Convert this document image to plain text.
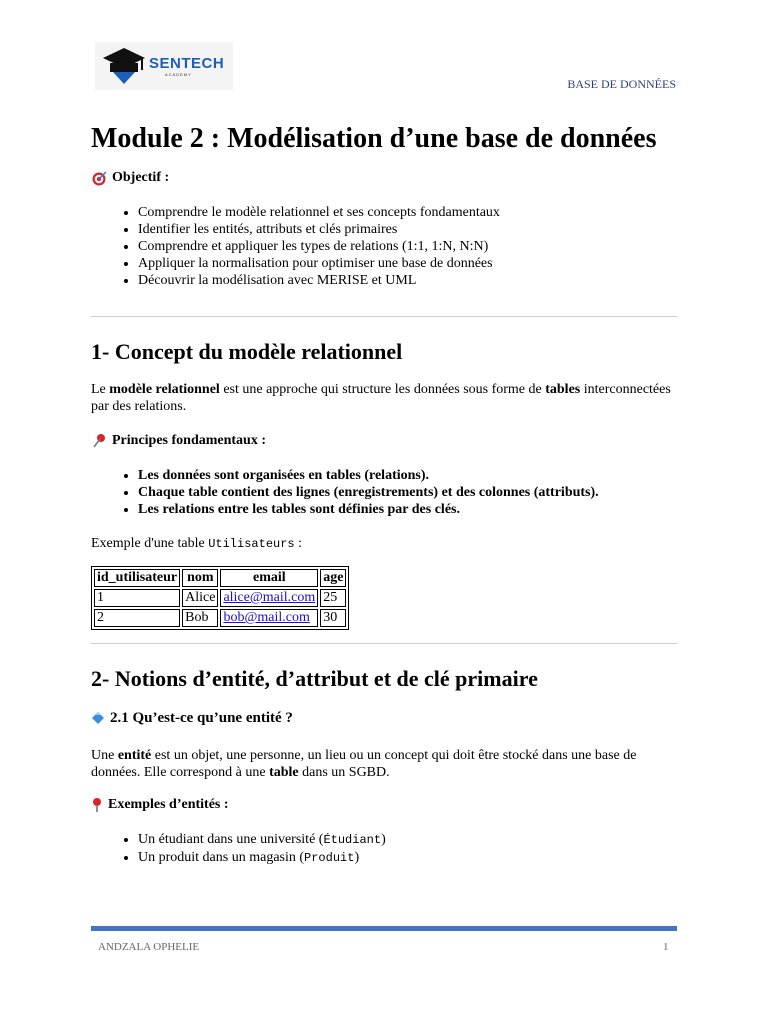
SENTECH
ACADEMY
BASE DE DONNÉES
Module 2 : Modélisation d’une base de données
Objectif :
• Comprendre le modèle relationnel et ses concepts fondamentaux
• Identifier les entités, attributs et clés primaires
• Comprendre et appliquer les types de relations (1:1, 1:N, N:N)
• Appliquer la normalisation pour optimiser une base de données
• Découvrir la modélisation avec MERISE et UML
1- Concept du modèle relationnel

Le modèle relationnel est une approche qui structure les données sous forme de tables interconnectées par des relations.

Principes fondamentaux :
• Les données sont organisées en tables (relations).
• Chaque table contient des lignes (enregistrements) et des colonnes (attributs).
• Les relations entre les tables sont définies par des clés.

Exemple d'une table Utilisateurs :

id_utilisateur	nom	email	age
1	Alice	alice@mail.com	25
2	Bob	bob@mail.com	30
2- Notions d’entité, d’attribut et de clé primaire
2.1 Qu’est-ce qu’une entité ?

Une entité est un objet, une personne, un lieu ou un concept qui doit être stocké dans une base de données. Elle correspond à une table dans un SGBD.

Exemples d’entités :
• Un étudiant dans une université (Étudiant)
• Un produit dans un magasin (Produit)
ANDZALA OPHELIE	1
